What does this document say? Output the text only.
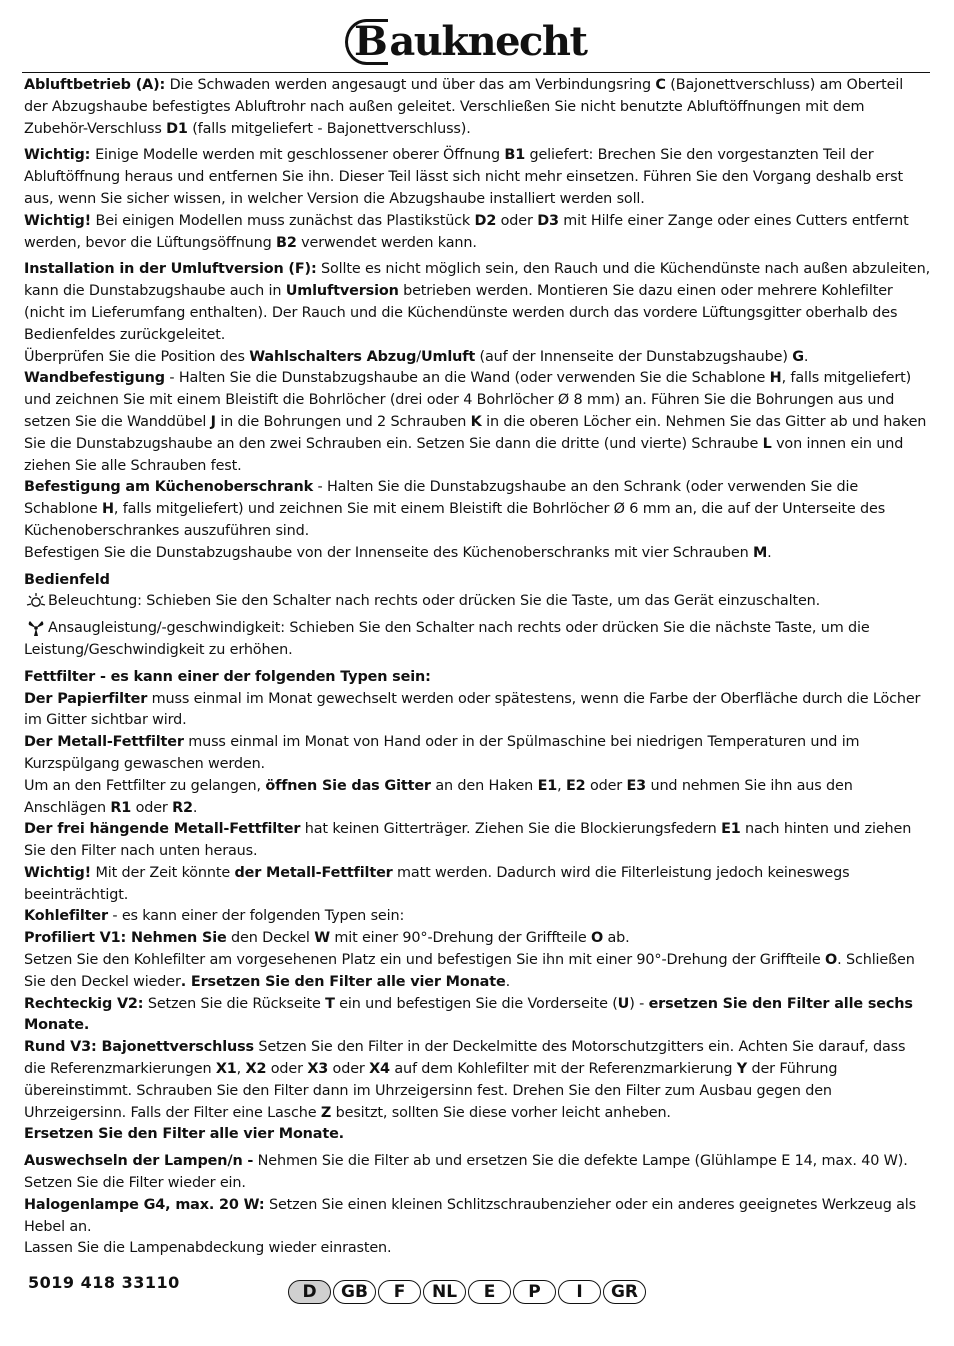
Bauknecht

Abluftbetrieb (A): Die Schwaden werden angesaugt und über das am Verbindungsring C (Bajonettverschluss) am Oberteil der Abzugshaube befestigtes Abluftrohr nach außen geleitet. Verschließen Sie nicht benutzte Abluftöffnungen mit dem Zubehör-Verschluss D1 (falls mitgeliefert - Bajonettverschluss).

Wichtig: Einige Modelle werden mit geschlossener oberer Öffnung B1 geliefert: Brechen Sie den vorgestanzten Teil der Abluftöffnung heraus und entfernen Sie ihn. Dieser Teil lässt sich nicht mehr einsetzen. Führen Sie den Vorgang deshalb erst aus, wenn Sie sicher wissen, in welcher Version die Abzugshaube installiert werden soll.

Wichtig! Bei einigen Modellen muss zunächst das Plastikstück D2 oder D3 mit Hilfe einer Zange oder eines Cutters entfernt werden, bevor die Lüftungsöffnung B2 verwendet werden kann.

Installation in der Umluftversion (F): Sollte es nicht möglich sein, den Rauch und die Küchendünste nach außen abzuleiten, kann die Dunstabzugshaube auch in Umluftversion betrieben werden. Montieren Sie dazu einen oder mehrere Kohlefilter (nicht im Lieferumfang enthalten). Der Rauch und die Küchendünste werden durch das vordere Lüftungsgitter oberhalb des Bedienfeldes zurückgeleitet.

Überprüfen Sie die Position des Wahlschalters Abzug/Umluft (auf der Innenseite der Dunstabzugshaube) G.

Wandbefestigung - Halten Sie die Dunstabzugshaube an die Wand (oder verwenden Sie die Schablone H, falls mitgeliefert) und zeichnen Sie mit einem Bleistift die Bohrlöcher (drei oder 4 Bohrlöcher Ø 8 mm) an. Führen Sie die Bohrungen aus und setzen Sie die Wanddübel J in die Bohrungen und 2 Schrauben K in die oberen Löcher ein. Nehmen Sie das Gitter ab und haken Sie die Dunstabzugshaube an den zwei Schrauben ein. Setzen Sie dann die dritte (und vierte) Schraube L von innen ein und ziehen Sie alle Schrauben fest.

Befestigung am Küchenoberschrank - Halten Sie die Dunstabzugshaube an den Schrank (oder verwenden Sie die Schablone H, falls mitgeliefert) und zeichnen Sie mit einem Bleistift die Bohrlöcher Ø 6 mm an, die auf der Unterseite des Küchenoberschrankes auszuführen sind.

Befestigen Sie die Dunstabzugshaube von der Innenseite des Küchenoberschranks mit vier Schrauben M.

Bedienfeld

Beleuchtung: Schieben Sie den Schalter nach rechts oder drücken Sie die Taste, um das Gerät einzuschalten.

Ansaugleistung/-geschwindigkeit: Schieben Sie den Schalter nach rechts oder drücken Sie die nächste Taste, um die Leistung/Geschwindigkeit zu erhöhen.

Fettfilter - es kann einer der folgenden Typen sein:

Der Papierfilter muss einmal im Monat gewechselt werden oder spätestens, wenn die Farbe der Oberfläche durch die Löcher im Gitter sichtbar wird.

Der Metall-Fettfilter muss einmal im Monat von Hand oder in der Spülmaschine bei niedrigen Temperaturen und im Kurzspülgang gewaschen werden.

Um an den Fettfilter zu gelangen, öffnen Sie das Gitter an den Haken E1, E2 oder E3 und nehmen Sie ihn aus den Anschlägen R1 oder R2.

Der frei hängende Metall-Fettfilter hat keinen Gitterträger. Ziehen Sie die Blockierungsfedern E1 nach hinten und ziehen Sie den Filter nach unten heraus.

Wichtig! Mit der Zeit könnte der Metall-Fettfilter matt werden. Dadurch wird die Filterleistung jedoch keineswegs beeinträchtigt.

Kohlefilter - es kann einer der folgenden Typen sein:

Profiliert V1: Nehmen Sie den Deckel W mit einer 90°-Drehung der Griffteile O ab.

Setzen Sie den Kohlefilter am vorgesehenen Platz ein und befestigen Sie ihn mit einer 90°-Drehung der Griffteile O. Schließen Sie den Deckel wieder. Ersetzen Sie den Filter alle vier Monate.

Rechteckig V2: Setzen Sie die Rückseite T ein und befestigen Sie die Vorderseite (U) - ersetzen Sie den Filter alle sechs Monate.

Rund V3: Bajonettverschluss Setzen Sie den Filter in der Deckelmitte des Motorschutzgitters ein. Achten Sie darauf, dass die Referenzmarkierungen X1, X2 oder X3 oder X4 auf dem Kohlefilter mit der Referenzmarkierung Y der Führung übereinstimmt. Schrauben Sie den Filter dann im Uhrzeigersinn fest. Drehen Sie den Filter zum Ausbau gegen den Uhrzeigersinn. Falls der Filter eine Lasche Z besitzt, sollten Sie diese vorher leicht anheben.

Ersetzen Sie den Filter alle vier Monate.

Auswechseln der Lampen/n - Nehmen Sie die Filter ab und ersetzen Sie die defekte Lampe (Glühlampe E 14, max. 40 W). Setzen Sie die Filter wieder ein.

Halogenlampe G4, max. 20 W: Setzen Sie einen kleinen Schlitzschraubenzieher oder ein anderes geeignetes Werkzeug als Hebel an.

Lassen Sie die Lampenabdeckung wieder einrasten.

5019 418 33110	D	GB	F	NL	E	P	I	GR
